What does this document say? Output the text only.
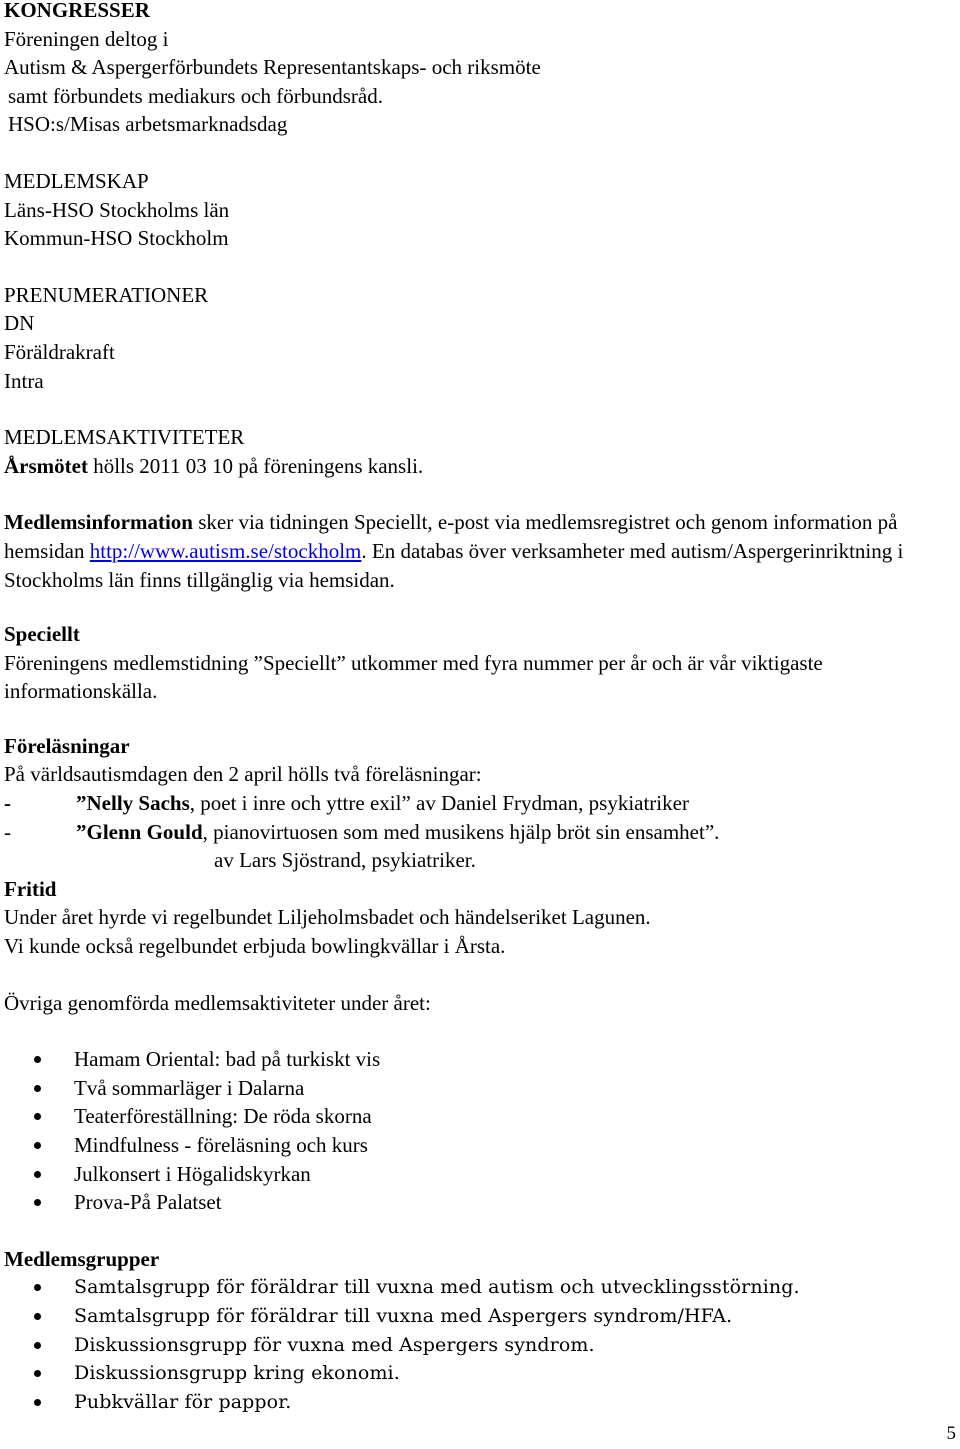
KONGRESSER

Föreningen deltog i

Autism & Aspergerförbundets Representantskaps- och riksmöte

samt förbundets mediakurs och förbundsråd.

HSO:s/Misas arbetsmarknadsdag

MEDLEMSKAP

Läns-HSO Stockholms län

Kommun-HSO Stockholm

PRENUMERATIONER

DN

Föräldrakraft

Intra

MEDLEMSAKTIVITETER

Årsmötet hölls 2011 03 10 på föreningens kansli.

Medlemsinformation sker via tidningen Speciellt, e-post via medlemsregistret och genom information på hemsidan http://www.autism.se/stockholm. En databas över verksamheter med autism/Aspergerinriktning i Stockholms län finns tillgänglig via hemsidan.

Speciellt

Föreningens medlemstidning ”Speciellt” utkommer med fyra nummer per år och är vår viktigaste informationskälla.

Föreläsningar

På världsautismdagen den 2 april hölls två föreläsningar:

-	”Nelly Sachs, poet i inre och yttre exil” av Daniel Frydman, psykiatriker
-	”Glenn Gould, pianovirtuosen som med musikens hjälp bröt sin ensamhet”.

av Lars Sjöstrand, psykiatriker.

Fritid

Under året hyrde vi regelbundet Liljeholmsbadet och händelseriket Lagunen.

Vi kunde också regelbundet erbjuda bowlingkvällar i Årsta.

Övriga genomförda medlemsaktiviteter under året:

Hamam Oriental: bad på turkiskt vis
Två sommarläger i Dalarna
Teaterföreställning: De röda skorna
Mindfulness - föreläsning och kurs
Julkonsert i Högalidskyrkan
Prova-På Palatset

Medlemsgrupper

Samtalsgrupp för föräldrar till vuxna med autism och utvecklingsstörning.
Samtalsgrupp för föräldrar till vuxna med Aspergers syndrom/HFA.
Diskussionsgrupp för vuxna med Aspergers syndrom.
Diskussionsgrupp kring ekonomi.
Pubkvällar för pappor.
5
